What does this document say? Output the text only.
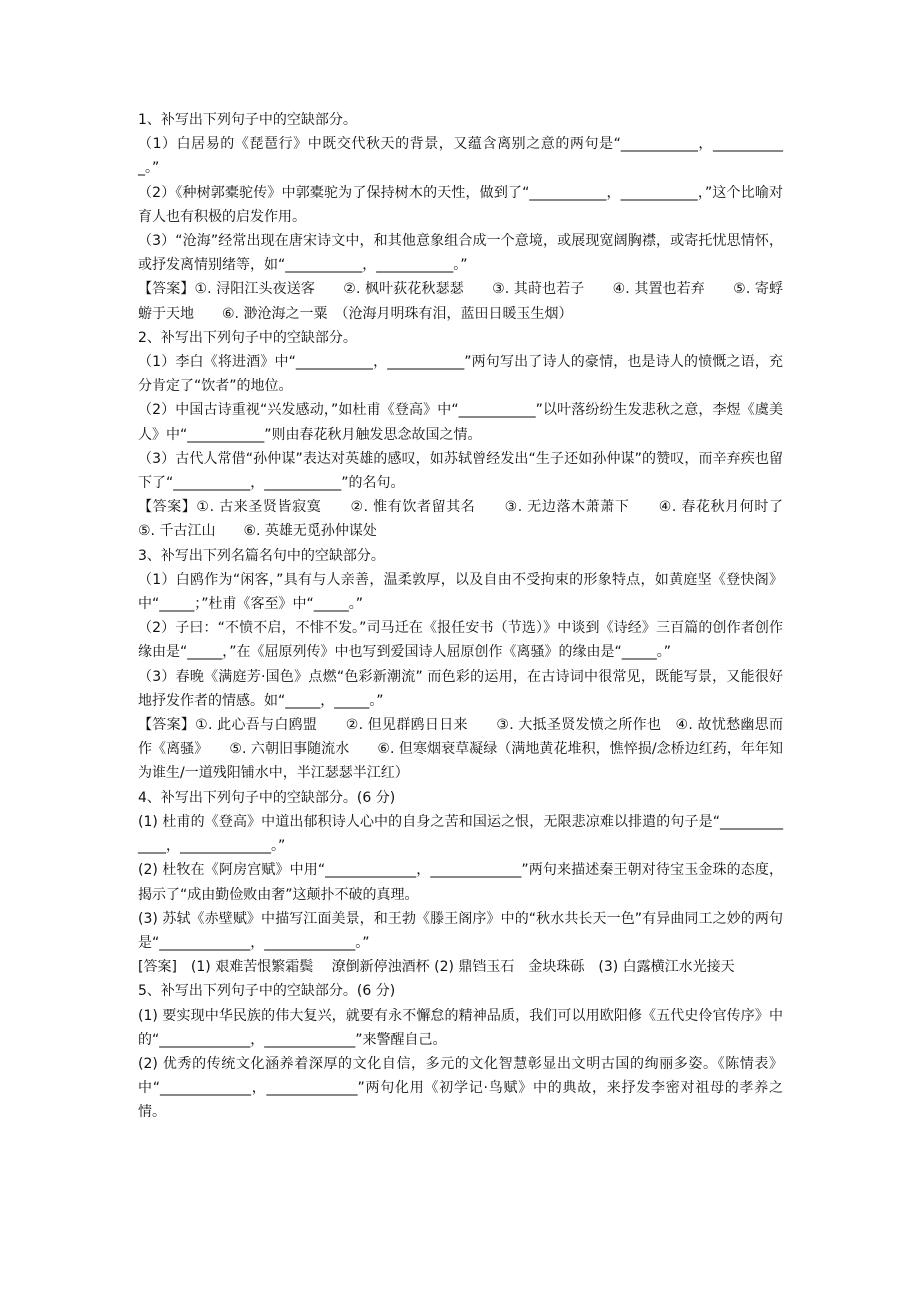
1、补写出下列句子中的空缺部分。

（1）白居易的《琵琶行》中既交代秋天的背景，又蕴含离别之意的两句是“___________，___________。”

（2）《种树郭橐驼传》中郭橐驼为了保持树木的天性，做到了“___________，___________，”这个比喻对育人也有积极的启发作用。

（3）“沧海”经常出现在唐宋诗文中，和其他意象组合成一个意境，或展现宽阔胸襟，或寄托忧思情怀，或抒发离情别绪等，如“___________，___________。”

【答案】①. 浔阳江头夜送客　　②. 枫叶荻花秋瑟瑟　　③. 其莳也若子　　④. 其置也若弃　　⑤. 寄蜉蝣于天地　　⑥. 渺沧海之一粟　（沧海月明珠有泪，蓝田日暖玉生烟）

2、补写出下列句子中的空缺部分。

（1）李白《将进酒》中“___________，___________”两句写出了诗人的豪情，也是诗人的愤慨之语，充分肯定了“饮者”的地位。

（2）中国古诗重视“兴发感动，”如杜甫《登高》中“___________”以叶落纷纷生发悲秋之意，李煜《虞美人》中“___________”则由春花秋月触发思念故国之情。

（3）古代人常借“孙仲谋”表达对英雄的感叹，如苏轼曾经发出“生子还如孙仲谋”的赞叹，而辛弃疾也留下了“___________，___________”的名句。

【答案】①. 古来圣贤皆寂寞　　②. 惟有饮者留其名　　③. 无边落木萧萧下　　④. 春花秋月何时了　　⑤. 千古江山　　⑥. 英雄无觅孙仲谋处

3、补写出下列名篇名句中的空缺部分。

（1）白鸥作为“闲客，”具有与人亲善，温柔敦厚，以及自由不受拘束的形象特点，如黄庭坚《登快阁》中“_____；”杜甫《客至》中“_____。”

（2）子曰：“不愤不启，不悱不发。”司马迁在《报任安书（节选）》中谈到《诗经》三百篇的创作者创作缘由是“_____，”在《屈原列传》中也写到爱国诗人屈原创作《离骚》的缘由是“_____。”

（3）春晚《满庭芳·国色》点燃“色彩新潮流” 而色彩的运用，在古诗词中很常见，既能写景，又能很好地抒发作者的情感。如“_____，_____。”

【答案】①. 此心吾与白鸥盟　　②. 但见群鸥日日来　　③. 大抵圣贤发愤之所作也　④. 故忧愁幽思而作《离骚》　　⑤. 六朝旧事随流水　　⑥. 但寒烟衰草凝绿（满地黄花堆积，憔悴损/念桥边红药，年年知为谁生/一道残阳铺水中，半江瑟瑟半江红）

4、补写出下列句子中的空缺部分。(6 分)

(1) 杜甫的《登高》中道出郁积诗人心中的自身之苦和国运之恨，无限悲凉难以排遣的句子是“_____________，_____________。”

(2) 杜牧在《阿房宫赋》中用“_____________，_____________”两句来描述秦王朝对待宝玉金珠的态度，揭示了“成由勤俭败由奢”这颠扑不破的真理。

(3) 苏轼《赤壁赋》中描写江面美景，和王勃《滕王阁序》中的“秋水共长天一色”有异曲同工之妙的两句是“_____________，_____________。”

[答案]　(1) 艰难苦恨繁霜鬓　 潦倒新停浊酒杯 (2) 鼎铛玉石　金块珠砾　(3) 白露横江水光接天

5、补写出下列句子中的空缺部分。(6 分)

(1) 要实现中华民族的伟大复兴，就要有永不懈怠的精神品质，我们可以用欧阳修《五代史伶官传序》中的“_____________，_____________”来警醒自己。

(2) 优秀的传统文化涵养着深厚的文化自信，多元的文化智慧彰显出文明古国的绚丽多姿。《陈情表》中“_____________，_____________”两句化用《初学记·鸟赋》中的典故，来抒发李密对祖母的孝养之情。
